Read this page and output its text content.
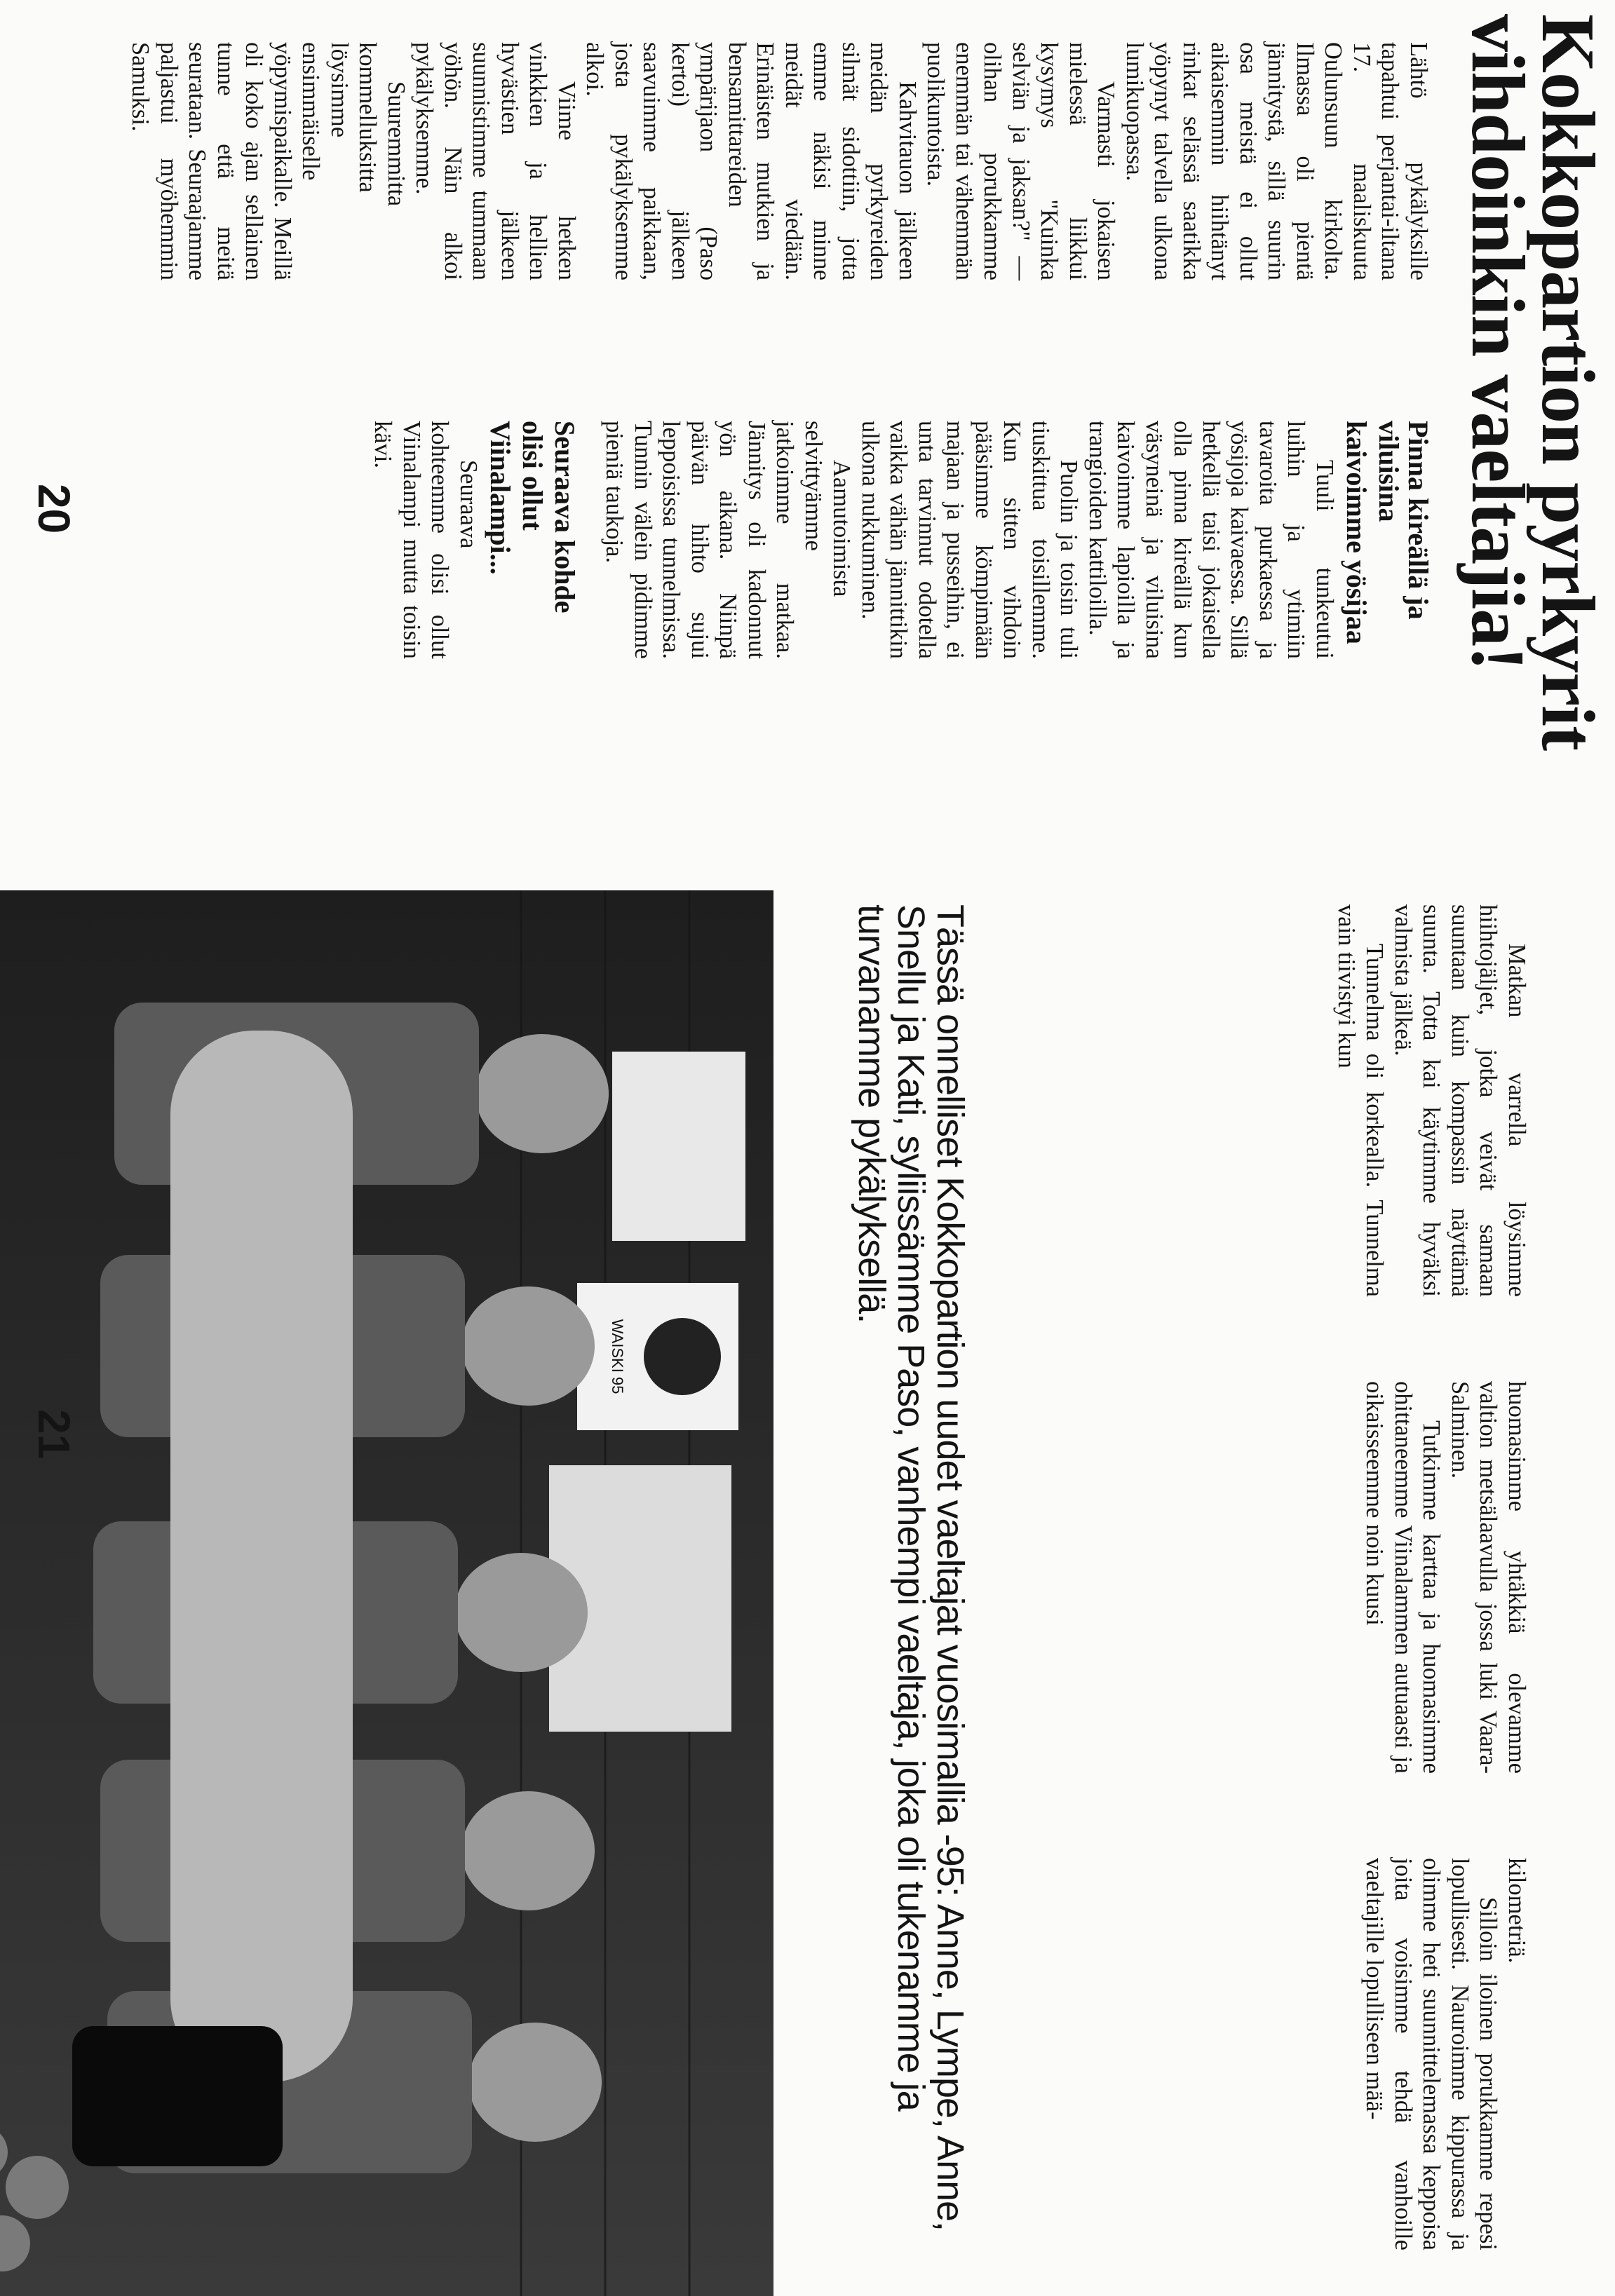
Kokkopartion pyrkyrit vihdoinkin vaeltajia!

Lähtö pykälyksille tapahtui perjantai-iltana 17. maaliskuuta Oulunsuun kirkolta. Ilmassa oli pientä jännitystä, sillä suurin osa meistä ei ollut aikaisemmin hiihtänyt rinkat selässä saatikka yöpynyt talvella ulkona lumikuopassa.

Varmasti jokaisen mielessä liikkui kysymys "Kuinka selviän ja jaksan?" — olihan porukkamme enemmän tai vähemmän puolikuntoista.

Kahvitauon jälkeen meidän pyrkyreiden silmät sidottiin, jotta emme näkisi minne meidät viedään. Erinäisten mutkien ja bensamittareiden ympärijaon (Paso kertoi) jälkeen saavuimme paikkaan, josta pykälyksemme alkoi.

Viime hetken vinkkien ja hellien hyvästien jälkeen suunnistimme tummaan yöhön. Näin alkoi pykälyksemme.

Suuremmitta kommelluksitta löysimme ensimmäiselle yöpymispaikalle. Meillä oli koko ajan sellainen tunne että meitä seurataan. Seuraajamme paljastui myöhemmin Samuksi.

Pinna kireällä ja viluisina
kaivoimme yösijaa

Tuuli tunkeutui luihin ja ytimiin tavaroita purkaessa ja yösijoja kaivaessa. Sillä hetkellä taisi jokaisella olla pinna kireällä kun väsyneinä ja viluisina kaivoimme lapioilla ja trangioiden kattiloilla.

Puolin ja toisin tuli tiuskittua toisillemme. Kun sitten vihdoin pääsimme kömpimään majaan ja pusseihin, ei unta tarvinnut odotella vaikka vähän jännittikin ulkona nukkuminen.

Aamutoimista selvittyämme jatkoimme matkaa. Jännitys oli kadonnut yön aikana. Niinpä päivän hihto sujui leppoisissa tunnelmissa. Tunnin välein pidimme pieniä taukoja.

Seuraava kohde
olisi ollut
Viinalampi...

Seuraava kohteemme olisi ollut Viinalampi mutta toisin kävi.

20

Matkan varrella löysimme hiihtojäljet, jotka veivät samaan suuntaan kuin kompassin näyttämä suunta. Totta kai käytimme hyväksi valmista jälkeä.

Tunnelma oli korkealla. Tunnelma vain tiivistyi kun

huomasimme yhtäkkiä olevamme valtion metsälaavulla jossa luki Vaara-Salminen.

Tutkimme karttaa ja huomasimme ohittaneemme Viinalammen autuaasti ja oikaisseemme noin kuusi

kilometriä.

Silloin iloinen porukkamme repesi lopullisesti. Nauroimme kippurassa ja olimme heti suunnittelemassa keppoisa joita voisimme tehdä vanhoille vaeltajille lopulliseen mää-

Tässä onnelliset Kokkopartion uudet vaeltajat vuosimallia -95: Anne, Lympe, Anne, Snellu ja Kati, syliissämme Paso, vanhempi vaeltaja, joka oli tukenamme ja turvanamme pykälyksellä.

WAISKI 95
21
